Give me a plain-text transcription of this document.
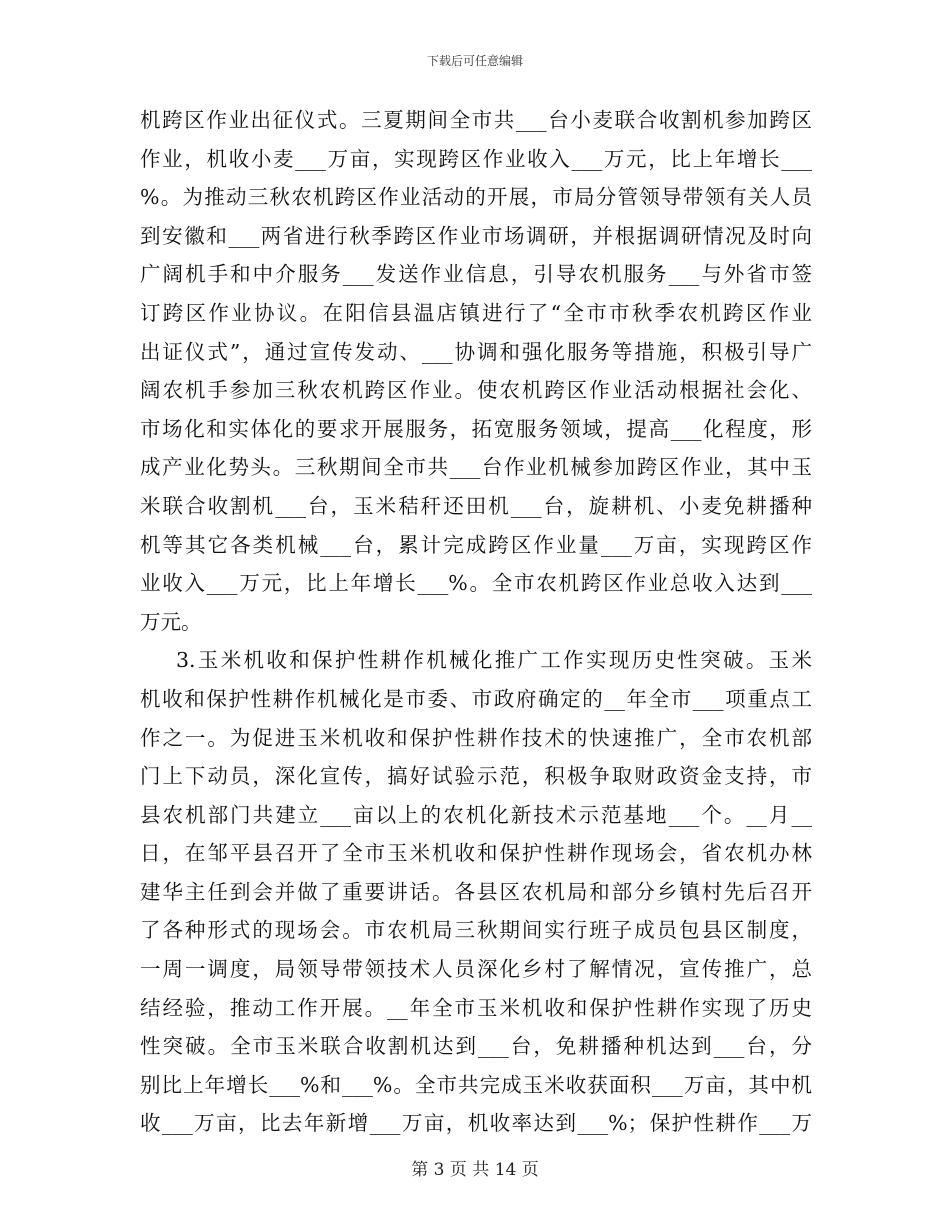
下载后可任意编辑
机跨区作业出征仪式。三夏期间全市共___台小麦联合收割机参加跨区
作业，机收小麦___万亩，实现跨区作业收入___万元，比上年增长___
%。为推动三秋农机跨区作业活动的开展，市局分管领导带领有关人员
到安徽和___两省进行秋季跨区作业市场调研，并根据调研情况及时向
广阔机手和中介服务___发送作业信息，引导农机服务___与外省市签
订跨区作业协议。在阳信县温店镇进行了“全市市秋季农机跨区作业
出证仪式”，通过宣传发动、___协调和强化服务等措施，积极引导广
阔农机手参加三秋农机跨区作业。使农机跨区作业活动根据社会化、
市场化和实体化的要求开展服务，拓宽服务领域，提高___化程度，形
成产业化势头。三秋期间全市共___台作业机械参加跨区作业，其中玉
米联合收割机___台，玉米秸秆还田机___台，旋耕机、小麦免耕播种
机等其它各类机械___台，累计完成跨区作业量___万亩，实现跨区作
业收入___万元，比上年增长___%。全市农机跨区作业总收入达到___
万元。
3.玉米机收和保护性耕作机械化推广工作实现历史性突破。玉米
机收和保护性耕作机械化是市委、市政府确定的__年全市___项重点工
作之一。为促进玉米机收和保护性耕作技术的快速推广，全市农机部
门上下动员，深化宣传，搞好试验示范，积极争取财政资金支持，市
县农机部门共建立___亩以上的农机化新技术示范基地___个。__月__
日，在邹平县召开了全市玉米机收和保护性耕作现场会，省农机办林
建华主任到会并做了重要讲话。各县区农机局和部分乡镇村先后召开
了各种形式的现场会。市农机局三秋期间实行班子成员包县区制度，
一周一调度，局领导带领技术人员深化乡村了解情况，宣传推广，总
结经验，推动工作开展。__年全市玉米机收和保护性耕作实现了历史
性突破。全市玉米联合收割机达到___台，免耕播种机达到___台，分
别比上年增长___%和___%。全市共完成玉米收获面积___万亩，其中机
收___万亩，比去年新增___万亩，机收率达到___%；保护性耕作___万
第 3 页 共 14 页
